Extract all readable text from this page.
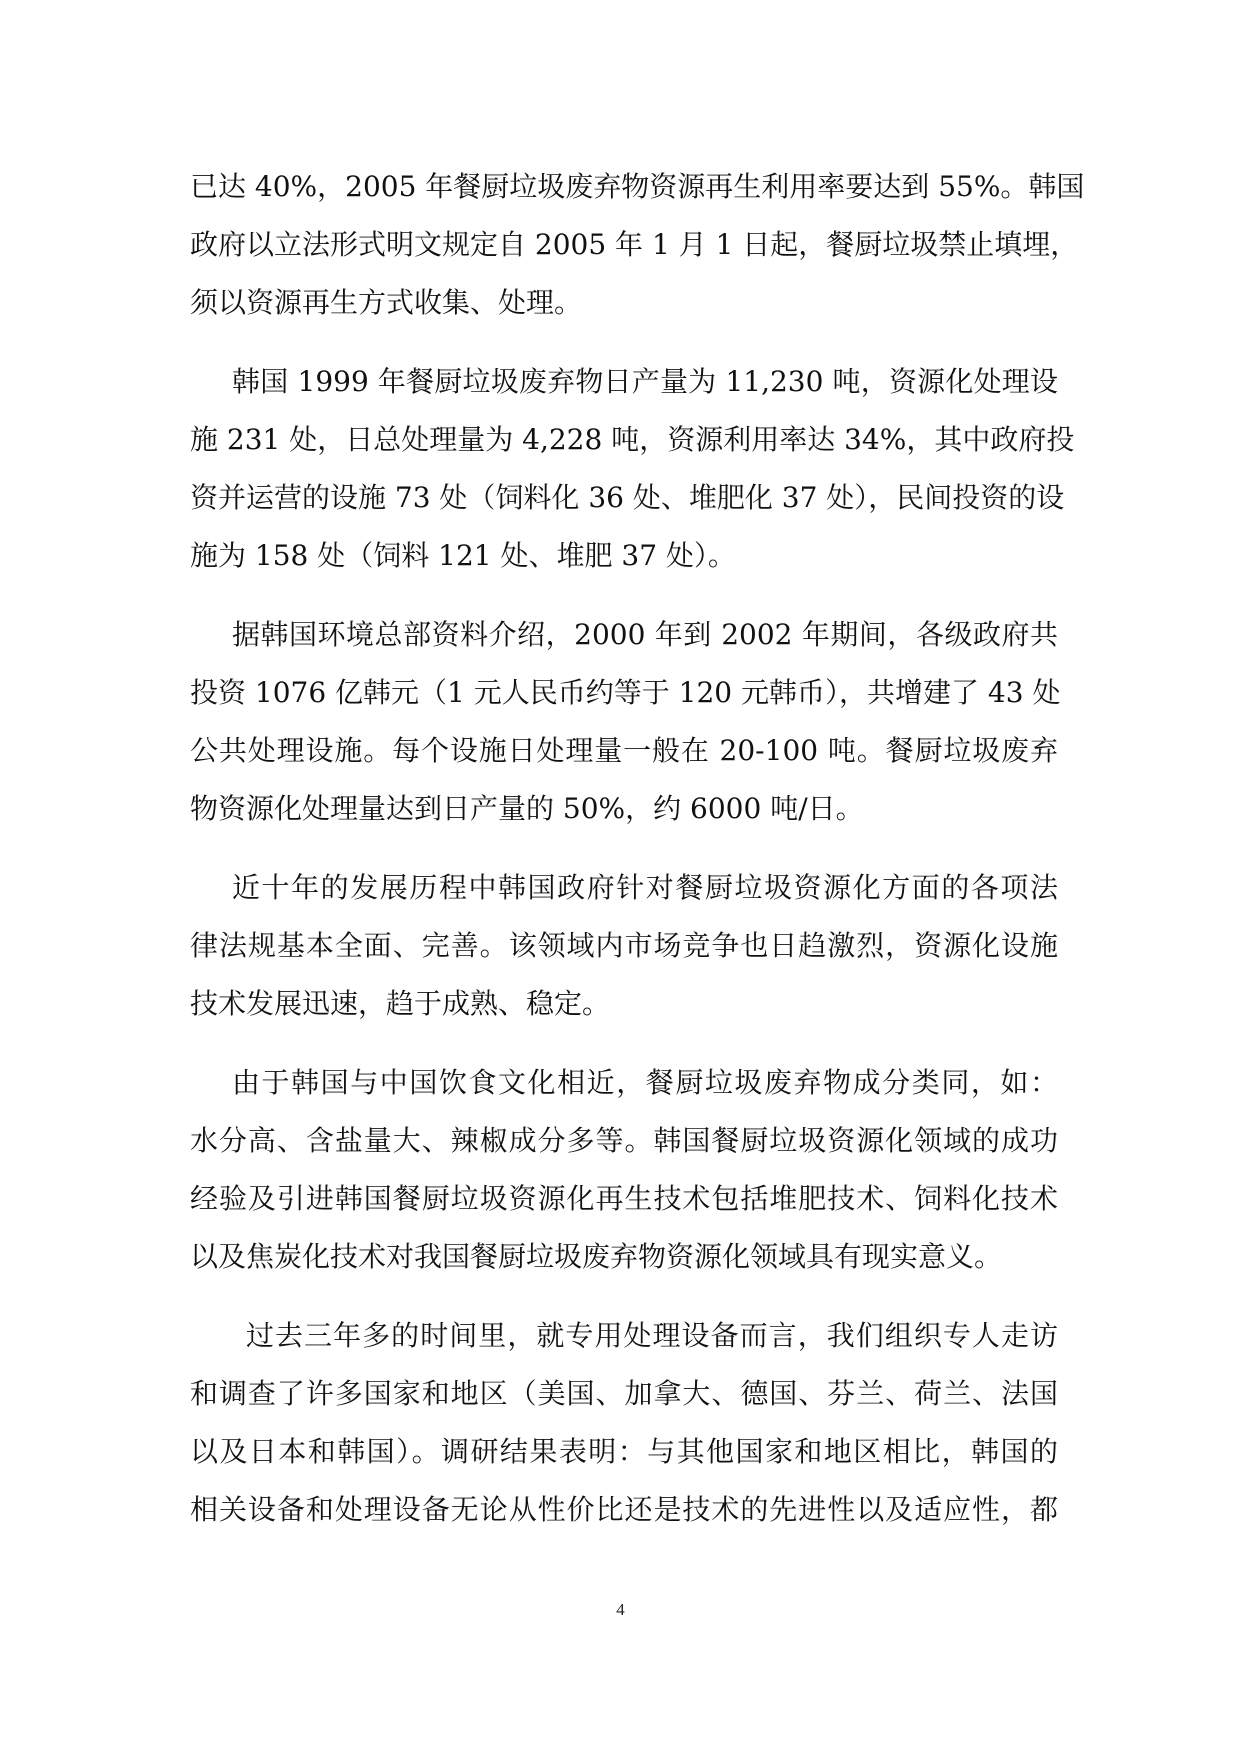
已达 40%，2005 年餐厨垃圾废弃物资源再生利用率要达到 55%。韩国
政府以立法形式明文规定自 2005 年 1 月 1 日起，餐厨垃圾禁止填埋，
须以资源再生方式收集、处理。
韩国 1999 年餐厨垃圾废弃物日产量为 11,230 吨，资源化处理设
施 231 处，日总处理量为 4,228 吨，资源利用率达 34%，其中政府投
资并运营的设施 73 处（饲料化 36 处、堆肥化 37 处），民间投资的设
施为 158 处（饲料 121 处、堆肥 37 处）。
据韩国环境总部资料介绍，2000 年到 2002 年期间，各级政府共
投资 1076 亿韩元（1 元人民币约等于 120 元韩币），共增建了 43 处
公共处理设施。每个设施日处理量一般在 20-100 吨。餐厨垃圾废弃
物资源化处理量达到日产量的 50%，约 6000 吨/日。
近十年的发展历程中韩国政府针对餐厨垃圾资源化方面的各项法
律法规基本全面、完善。该领域内市场竞争也日趋激烈，资源化设施
技术发展迅速，趋于成熟、稳定。
由于韩国与中国饮食文化相近，餐厨垃圾废弃物成分类同，如：
水分高、含盐量大、辣椒成分多等。韩国餐厨垃圾资源化领域的成功
经验及引进韩国餐厨垃圾资源化再生技术包括堆肥技术、饲料化技术
以及焦炭化技术对我国餐厨垃圾废弃物资源化领域具有现实意义。
过去三年多的时间里，就专用处理设备而言，我们组织专人走访
和调查了许多国家和地区（美国、加拿大、德国、芬兰、荷兰、法国
以及日本和韩国）。调研结果表明：与其他国家和地区相比，韩国的
相关设备和处理设备无论从性价比还是技术的先进性以及适应性，都
4
